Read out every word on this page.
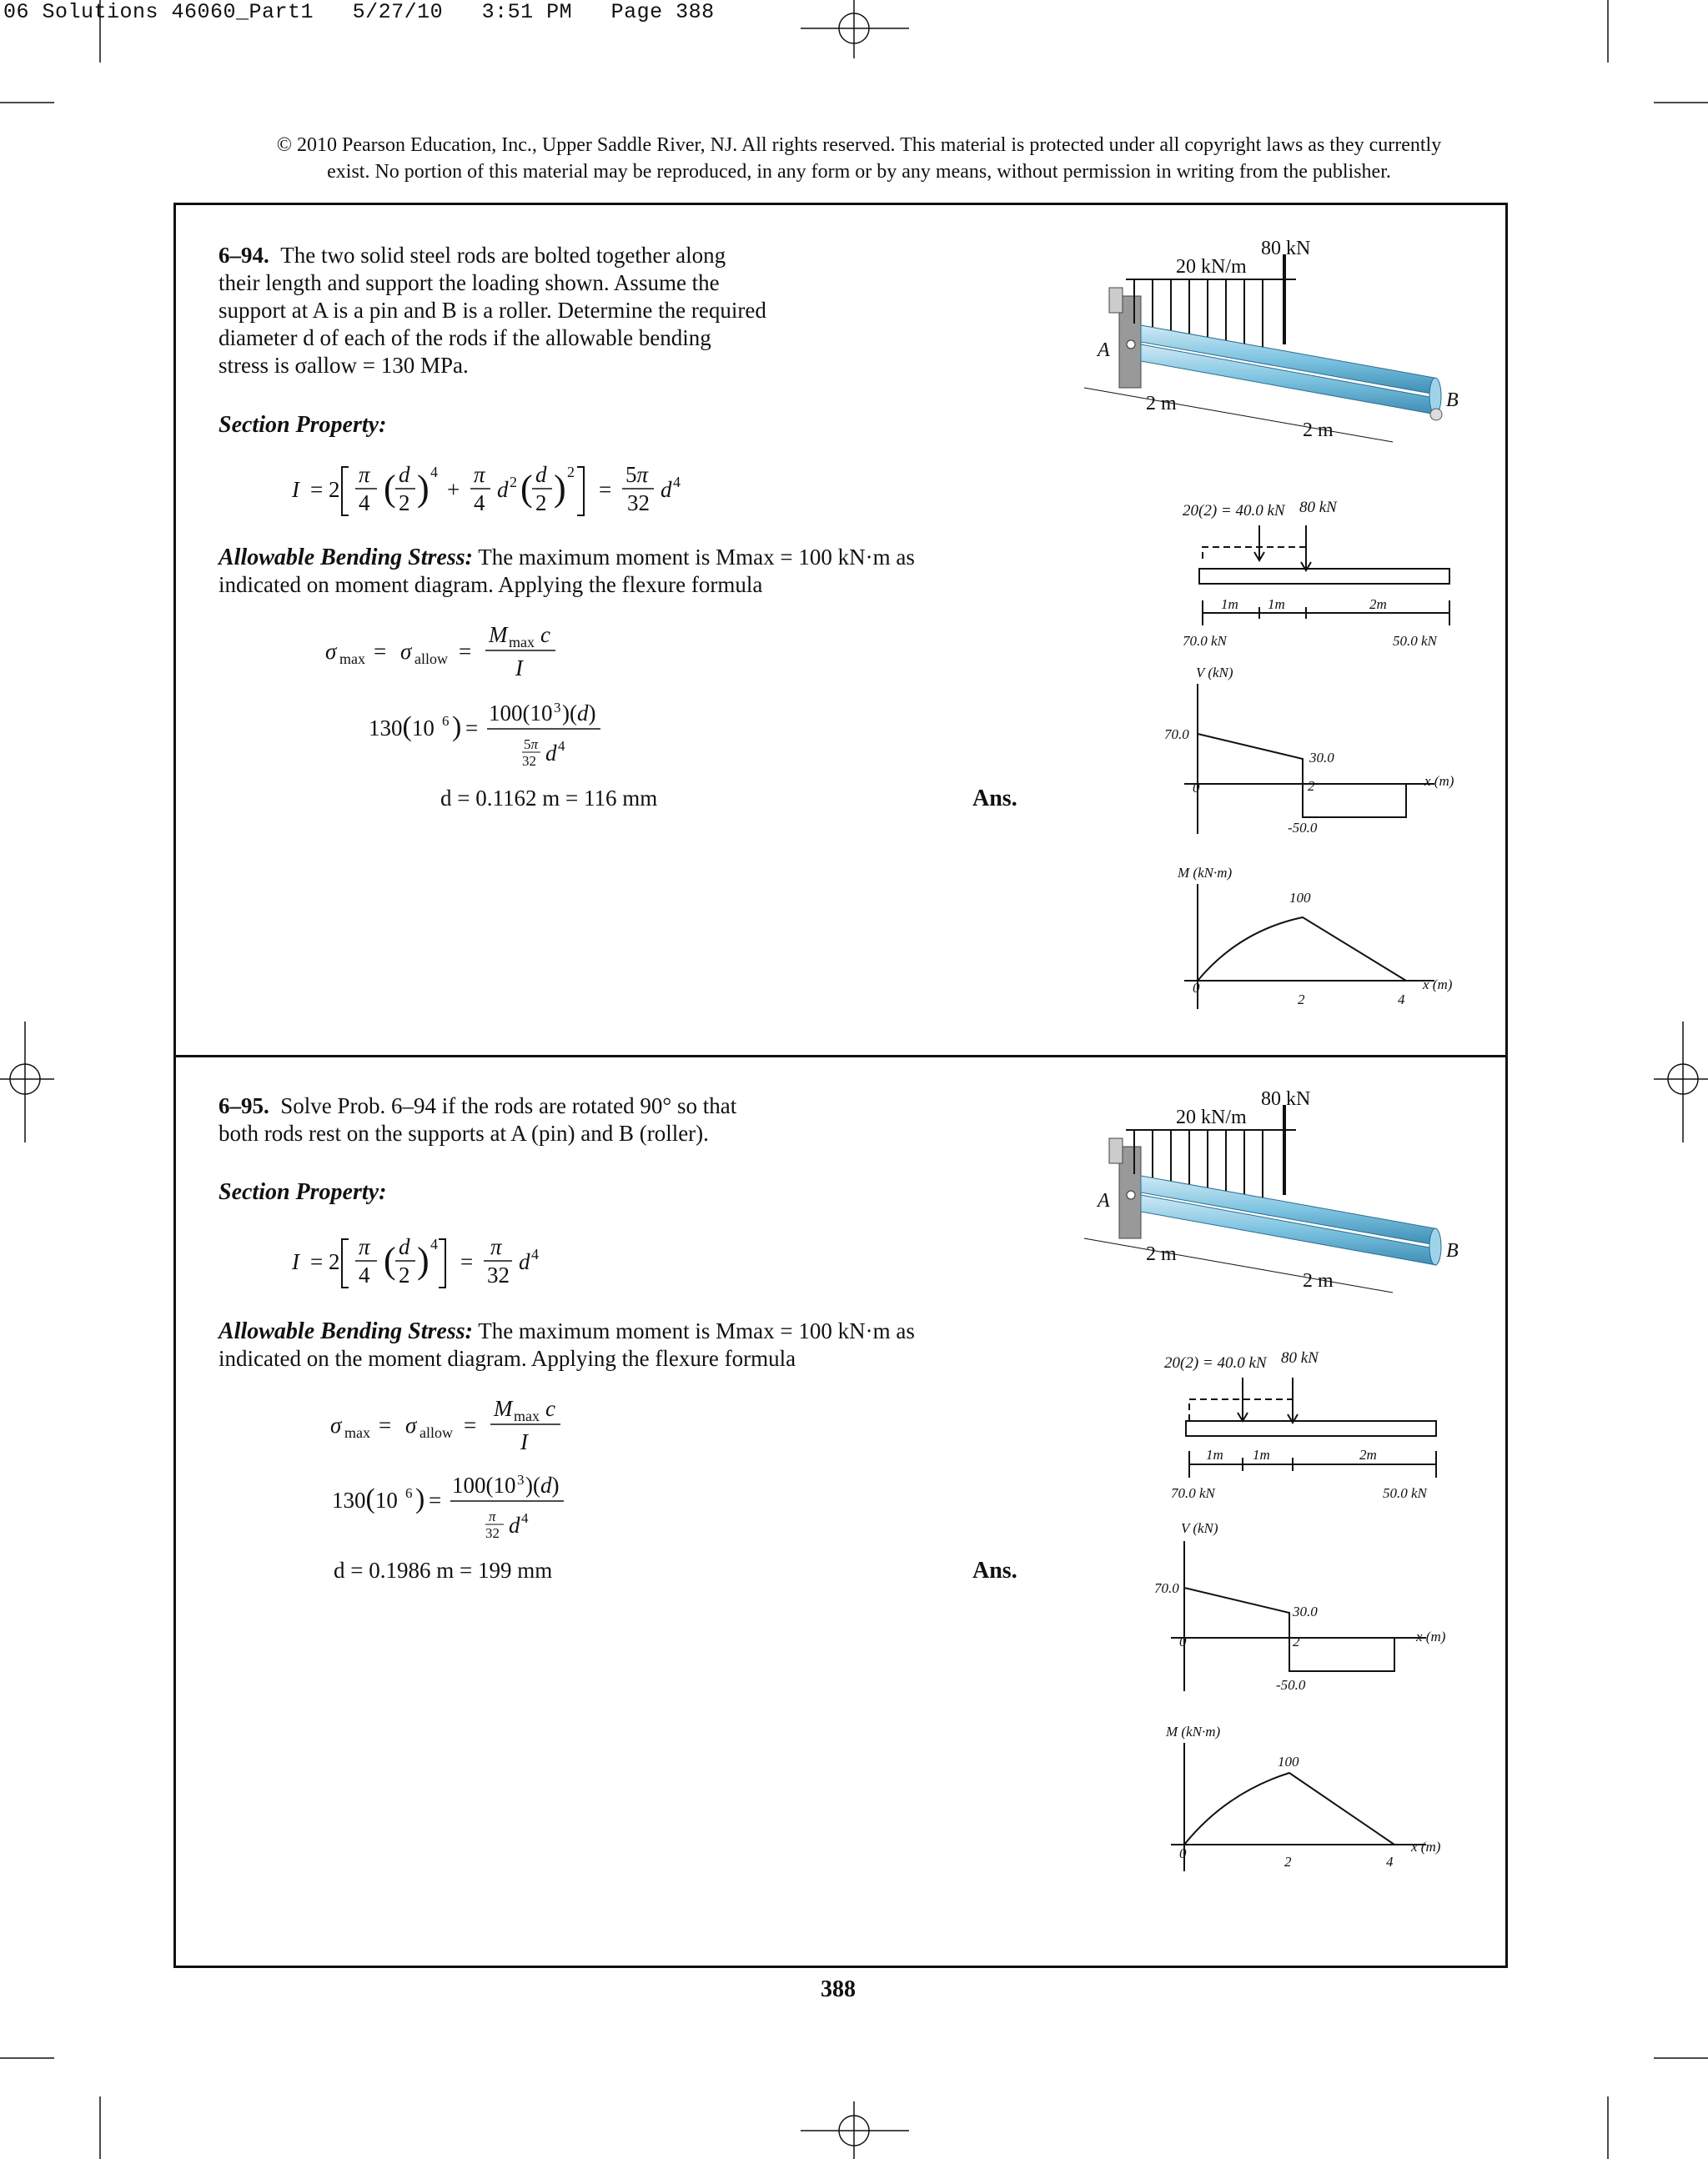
06 Solutions 46060_Part1   5/27/10   3:51 PM   Page 388
© 2010 Pearson Education, Inc., Upper Saddle River, NJ. All rights reserved. This material is protected under all copyright laws as they currently
exist. No portion of this material may be reproduced, in any form or by any means, without permission in writing from the publisher.
6–94. The two solid steel rods are bolted together along
their length and support the loading shown. Assume the
support at A is a pin and B is a roller. Determine the required
diameter d of each of the rods if the allowable bending
stress is σallow = 130 MPa.
Section Property:
I = 2
π
4 ( d
2 ) 4
+
π
4
d 2 ( d
2 ) 2
=
5π
32
d 4
Allowable Bending Stress: The maximum moment is Mmax = 100 kN·m as
indicated on moment diagram. Applying the flexure formula
σ max = σ allow =
M max c
I
130(10 6 ) =
100(10 3 )(d)
5π
32 d 4
d = 0.1162 m = 116 mm	Ans.
6–95. Solve Prob. 6–94 if the rods are rotated 90° so that
both rods rest on the supports at A (pin) and B (roller).
Section Property:
I = 2
π
4 ( d
2 ) 4
=
π
32
d 4
Allowable Bending Stress: The maximum moment is Mmax = 100 kN·m as
indicated on the moment diagram. Applying the flexure formula
σ max = σ allow =
M max c
I
130(10 6 ) =
100(10 3 )(d)
π
32 d 4
d = 0.1986 m = 199 mm	Ans.
388
20 kN/m
80 kN
A
B
2 m
2 m
20(2) = 40.0 kN 80 kN
1m 1m	2m
70.0 kN	50.0 kN
V (kN)
70.0
30.0
-50.0
0	2	x (m)
M (kN·m)
100
0
2	4
x (m)
20 kN/m
80 kN
A
B
2 m
2 m
20(2) = 40.0 kN 80 kN
1m 1m	2m
70.0 kN	50.0 kN
V (kN)
70.0
30.0
-50.0
0	2	x (m)
M (kN·m)
100
0
2	4
x (m)
